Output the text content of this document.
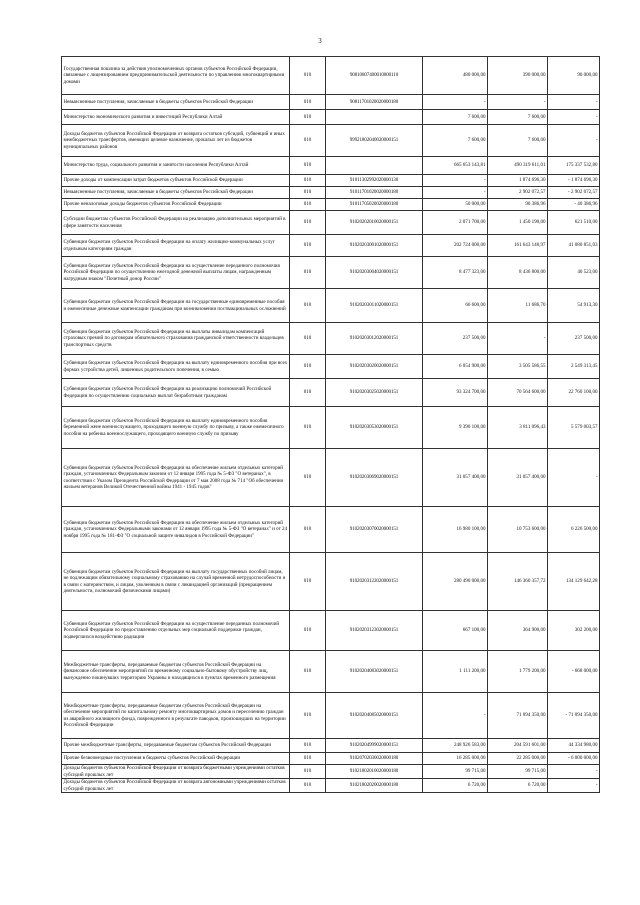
3
Государственная пошлина за действия уполномоченных органов субъектов Российской Федерации, связанные с лицензированием предпринимательской деятельности по управлению многоквартирными домами	010	90810807400010000110	480 000,00	390 000,00	90 000,00
Невыясненные поступления, зачисляемые в бюджеты субъектов Российской Федерации	010	90811701020020000180	-	-	-
Министерство экономического развития и инвестиций Республики Алтай	010		7 600,00	7 600,00	-
Доходы бюджетов субъектов Российской Федерации от возврата остатков субсидий, субвенций и иных межбюджетных трансфертов, имеющих целевое назначение, прошлых лет из бюджетов муниципальных районов	010	99921802040020000151	7 600,00	7 600,00	-
Министерство труда, социального развития и занятости населения Республики Алтай	010		665 653 143,81	490 319 611,01	175 337 532,80
Прочие доходы от компенсации затрат бюджетов субъектов Российской Федерации	010	91011302992020000130	-	1 874 696,30	- 1 874 696,30
Невыясненные поступления, зачисляемые в бюджеты субъектов Российской Федерации	010	91011701020020000180	-	2 902 072,57	- 2 902 072,57
Прочие неналоговые доходы бюджетов субъектов Российской Федерации	010	91011705020020000180	50 000,00	90 386,96	- 40 386,96
Субсидии бюджетам субъектов Российской Федерации на реализацию дополнительных мероприятий в сфере занятости населения	010	91020202010020000151	2 071 700,00	1 450 190,00	621 510,00
Субвенции бюджетам субъектов Российской Федерации на оплату жилищно-коммунальных услуг отдельным категориям граждан	010	91020203001020000151	202 724 000,00	161 643 148,97	41 080 851,03
Субвенции бюджетам субъектов Российской Федерации на осуществление переданного полномочия Российской Федерации по осуществлению ежегодной денежной выплаты лицам, награжденным нагрудным знаком "Почетный донор России"	010	91020203004020000151	8 477 323,00	8 436 800,00	40 523,00
Субвенции бюджетам субъектов Российской Федерации на государственные единовременные пособия и ежемесячные денежные компенсации гражданам при возникновении поствакцинальных осложнений	010	91020203011020000151	66 600,00	11 686,70	54 913,30
Субвенции бюджетам субъектов Российской Федерации на выплаты инвалидам компенсаций страховых премий по договорам обязательного страхования гражданской ответственности владельцев транспортных средств	010	91020203012020000151	237 500,00	-	237 500,00
Субвенции бюджетам субъектов Российской Федерации на выплату единовременного пособия при всех формах устройства детей, лишенных родительского попечения, в семью	010	91020203020020000151	6 054 900,00	3 505 586,55	2 549 313,45
Субвенции бюджетам субъектов Российской Федерации на реализацию полномочий Российской Федерации по осуществлению социальных выплат безработным гражданам	010	91020203025020000151	93 324 700,00	70 564 600,00	22 760 100,00
Субвенции бюджетам субъектов Российской Федерации на выплату единовременного пособия беременной жене военнослужащего, проходящего военную службу по призыву, а также ежемесячного пособия на ребенка военнослужащего, проходящего военную службу по призыву	010	91020203053020000151	9 390 100,00	3 811 096,43	5 579 003,57
Субвенции бюджетам субъектов Российской Федерации на обеспечение жильем отдельных категорий граждан, установленных Федеральным законом от 12 января 1995 года № 5-ФЗ "О ветеранах", в соответствии с Указом Президента Российской Федерации от 7 мая 2008 года № 714 "Об обеспечении жильем ветеранов Великой Отечественной войны 1941 - 1945 годов"	010	91020203069020000151	31 057 400,00	31 057 400,00	-
Субвенции бюджетам субъектов Российской Федерации на обеспечение жильем отдельных категорий граждан, установленных Федеральными законами от 12 января 1995 года № 5-ФЗ "О ветеранах" и от 24 ноября 1995 года № 181-ФЗ "О социальной защите инвалидов в Российской Федерации"	010	91020203070020000151	16 980 100,00	10 753 600,00	6 226 500,00
Субвенции бюджетам субъектов Российской Федерации на выплату государственных пособий лицам, не подлежащим обязательному социальному страхованию на случай временной нетрудоспособности и в связи с материнством, и лицам, уволенным в связи с ликвидацией организаций (прекращением деятельности, полномочий физическими лицами)	010	91020203122020000151	280 490 000,00	146 360 357,72	134 129 642,28
Субвенции бюджетам субъектов Российской Федерации на осуществление переданных полномочий Российской Федерации по предоставлению отдельных мер социальной поддержки граждан, подвергшихся воздействию радиации	010	91020203123020000151	667 100,00	364 900,00	302 200,00
Межбюджетные трансферты, передаваемые бюджетам субъектов Российской Федерации на финансовое обеспечение мероприятий по временному социально-бытовому обустройству лиц, вынужденно покинувших территорию Украины и находящихся в пунктах временного размещения	010	91020204083020000151	1 111 200,00	1 779 200,00	- 668 000,00
Межбюджетные трансферты, передаваемые бюджетам субъектов Российской Федерации на обеспечение мероприятий по капитальному ремонту многоквартирных домов и переселению граждан из аварийного жилищного фонда, поврежденного в результате паводков, произошедших на территории Российской Федерации	010	91020204085020000151	-	71 094 350,00	- 71 094 350,00
Прочие межбюджетные трансферты, передаваемые бюджетам субъектов Российской Федерации	010	91020204999020000151	248 926 583,00	204 591 601,00	44 334 980,00
Прочие безвозмездные поступления в бюджеты субъектов Российской Федерации	010	91020702030020000180	16 285 000,00	22 285 000,00	- 6 000 000,00
Доходы бюджетов субъектов Российской Федерации от возврата бюджетными учреждениями остатков субсидий прошлых лет	010	91021802010020000180	99 715,00	99 715,00	-
Доходы бюджетов субъектов Российской Федерации от возврата автономными учреждениями остатков субсидий прошлых лет	010	91021802020020000180	6 720,00	6 720,00	-
